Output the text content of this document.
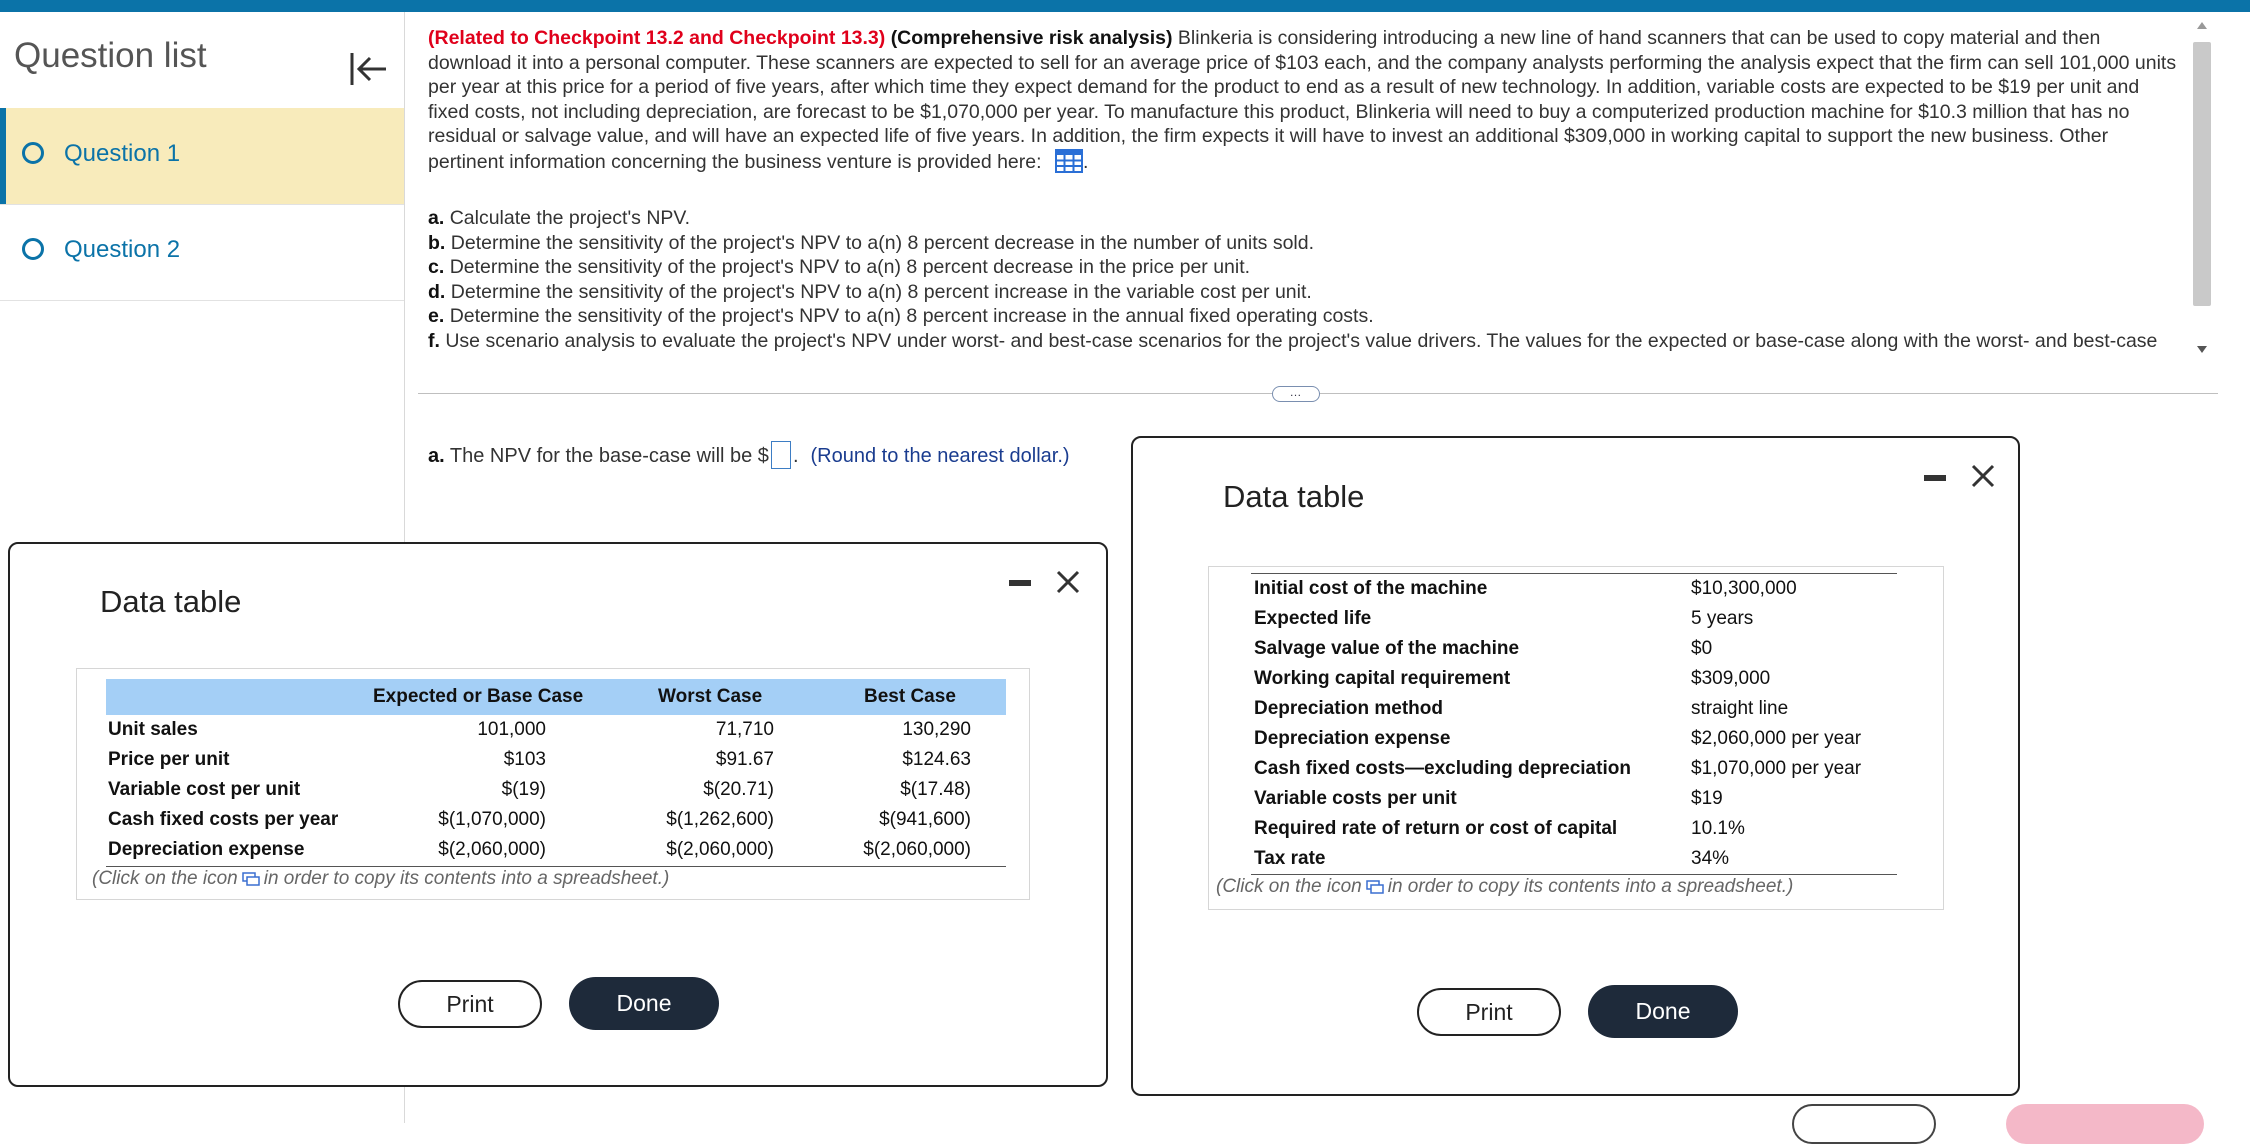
Question list
Question 1
Question 2
(Related to Checkpoint 13.2 and Checkpoint 13.3) (Comprehensive risk analysis) Blinkeria is considering introducing a new line of hand scanners that can be used to copy material and then download it into a personal computer. These scanners are expected to sell for an average price of $103 each, and the company analysts performing the analysis expect that the firm can sell 101,000 units per year at this price for a period of five years, after which time they expect demand for the product to end as a result of new technology. In addition, variable costs are expected to be $19 per unit and fixed costs, not including depreciation, are forecast to be $1,070,000 per year. To manufacture this product, Blinkeria will need to buy a computerized production machine for $10.3 million that has no residual or salvage value, and will have an expected life of five years. In addition, the firm expects it will have to invest an additional $309,000 in working capital to support the new business. Other pertinent information concerning the business venture is provided here: .
a. Calculate the project's NPV.
b. Determine the sensitivity of the project's NPV to a(n) 8 percent decrease in the number of units sold.
c. Determine the sensitivity of the project's NPV to a(n) 8 percent decrease in the price per unit.
d. Determine the sensitivity of the project's NPV to a(n) 8 percent increase in the variable cost per unit.
e. Determine the sensitivity of the project's NPV to a(n) 8 percent increase in the annual fixed operating costs.
f. Use scenario analysis to evaluate the project's NPV under worst- and best-case scenarios for the project's value drivers. The values for the expected or base-case along with the worst- and best-case
…
a. The NPV for the base-case will be $ . (Round to the nearest dollar.)
Data table
Expected or Base Case	Worst Case	Best Case
Unit sales	101,000	71,710	130,290
Price per unit	$103	$91.67	$124.63
Variable cost per unit	$(19)	$(20.71)	$(17.48)
Cash fixed costs per year	$(1,070,000)	$(1,262,600)	$(941,600)
Depreciation expense	$(2,060,000)	$(2,060,000)	$(2,060,000)
(Click on the icon in order to copy its contents into a spreadsheet.)
Print	Done
Data table
Initial cost of the machine	$10,300,000
Expected life	5 years
Salvage value of the machine	$0
Working capital requirement	$309,000
Depreciation method	straight line
Depreciation expense	$2,060,000 per year
Cash fixed costs—excluding depreciation	$1,070,000 per year
Variable costs per unit	$19
Required rate of return or cost of capital	10.1%
Tax rate	34%
(Click on the icon in order to copy its contents into a spreadsheet.)
Print	Done
